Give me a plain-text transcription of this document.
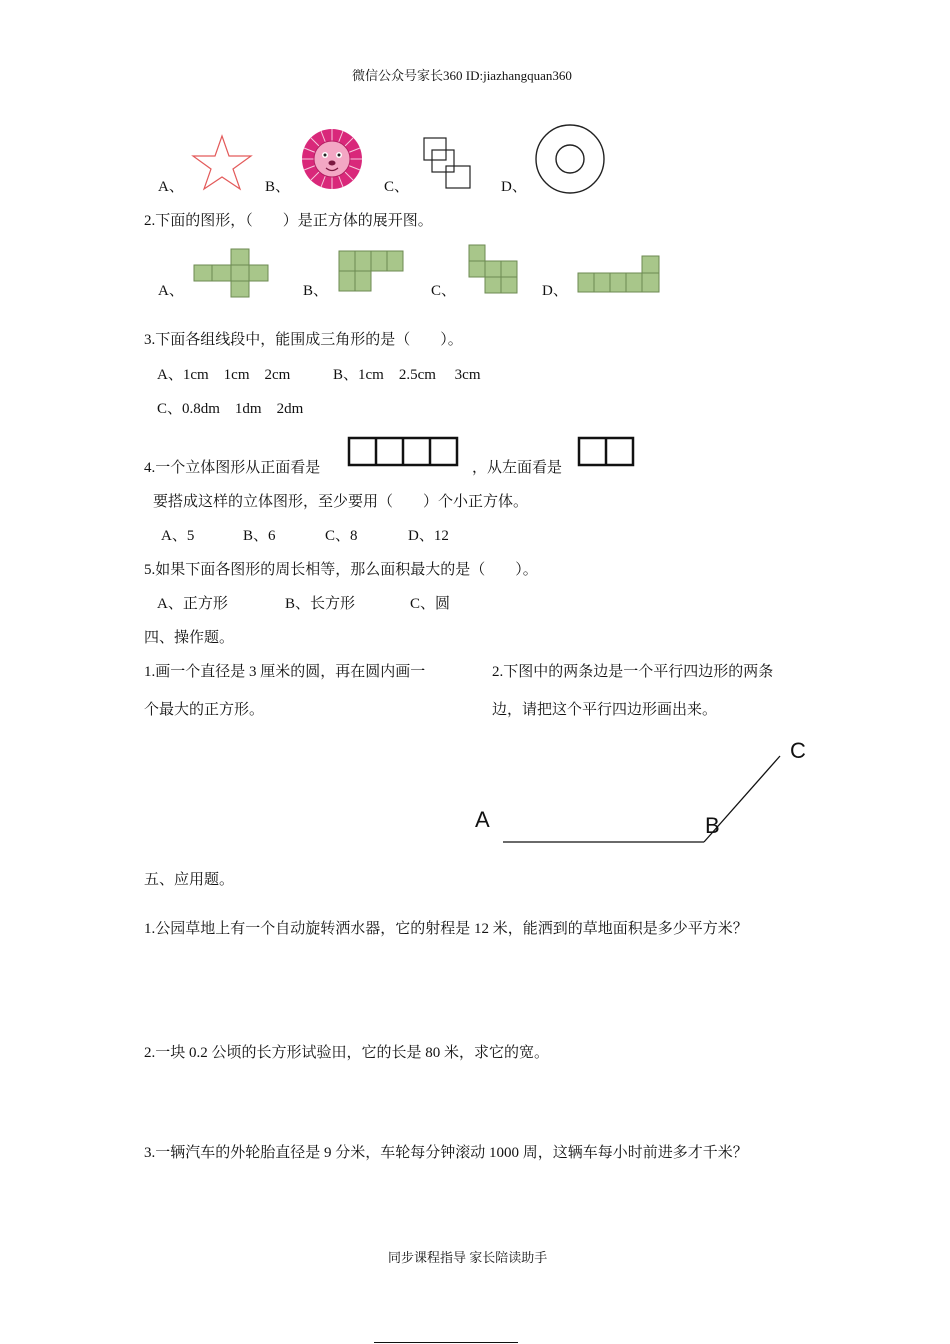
微信公众号家长360 ID:jiazhangquan360
A、	B、	C、	D、
2.下面的图形，（　　）是正方体的展开图。
A、	B、	C、	D、
3.下面各组线段中，能围成三角形的是（　　）。
A、1cm　1cm　2cm	B、1cm　2.5cm　 3cm
C、0.8dm　1dm　2dm
4.一个立体图形从正面看是	，从左面看是
要搭成这样的立体图形，至少要用（　　）个小正方体。
A、5	B、6	C、8	D、12
5.如果下面各图形的周长相等，那么面积最大的是（　　）。
A、正方形	B、长方形	C、圆
四、操作题。
1.画一个直径是 3 厘米的圆，再在圆内画一
个最大的正方形。
2.下图中的两条边是一个平行四边形的两条
边，请把这个平行四边形画出来。
A	B
C
五、应用题。
1.公园草地上有一个自动旋转洒水器，它的射程是 12 米，能洒到的草地面积是多少平方米？
2.一块 0.2 公顷的长方形试验田，它的长是 80 米，求它的宽。
3.一辆汽车的外轮胎直径是 9 分米，车轮每分钟滚动 1000 周，这辆车每小时前进多才千米？
同步课程指导 家长陪读助手
